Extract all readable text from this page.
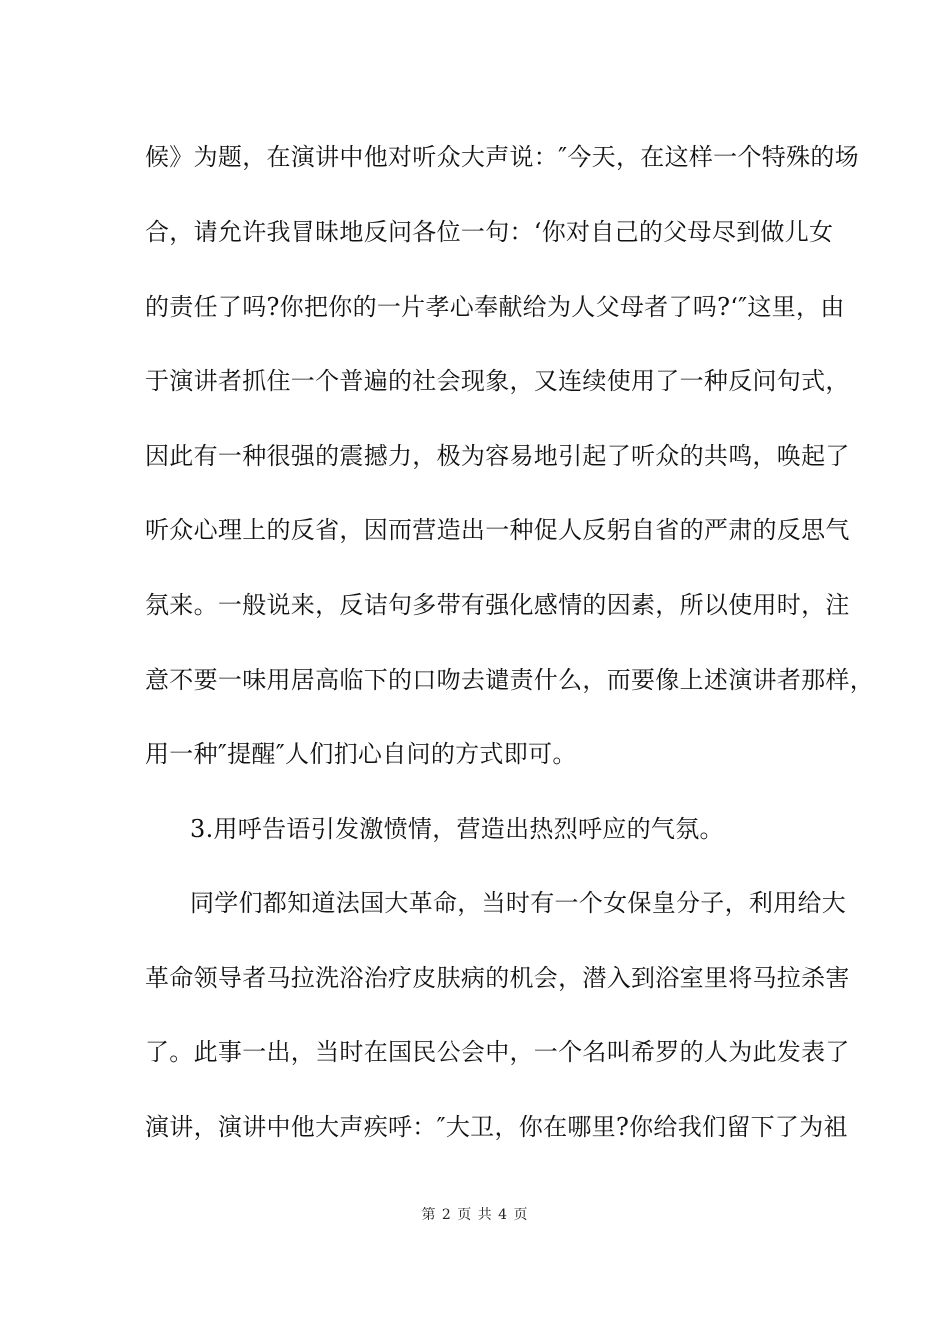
候》为题，在演讲中他对听众大声说：″今天，在这样一个特殊的场
合，请允许我冒昧地反问各位一句：‘你对自己的父母尽到做儿女
的责任了吗?你把你的一片孝心奉献给为人父母者了吗?‘″这里，由
于演讲者抓住一个普遍的社会现象，又连续使用了一种反问句式，
因此有一种很强的震撼力，极为容易地引起了听众的共鸣，唤起了
听众心理上的反省，因而营造出一种促人反躬自省的严肃的反思气
氛来。一般说来，反诘句多带有强化感情的因素，所以使用时，注
意不要一味用居高临下的口吻去谴责什么，而要像上述演讲者那样，
用一种″提醒″人们扪心自问的方式即可。
3.用呼告语引发激愤情，营造出热烈呼应的气氛。
同学们都知道法国大革命，当时有一个女保皇分子，利用给大
革命领导者马拉洗浴治疗皮肤病的机会，潜入到浴室里将马拉杀害
了。此事一出，当时在国民公会中，一个名叫希罗的人为此发表了
演讲，演讲中他大声疾呼：″大卫，你在哪里?你给我们留下了为祖
第 2 页 共 4 页
